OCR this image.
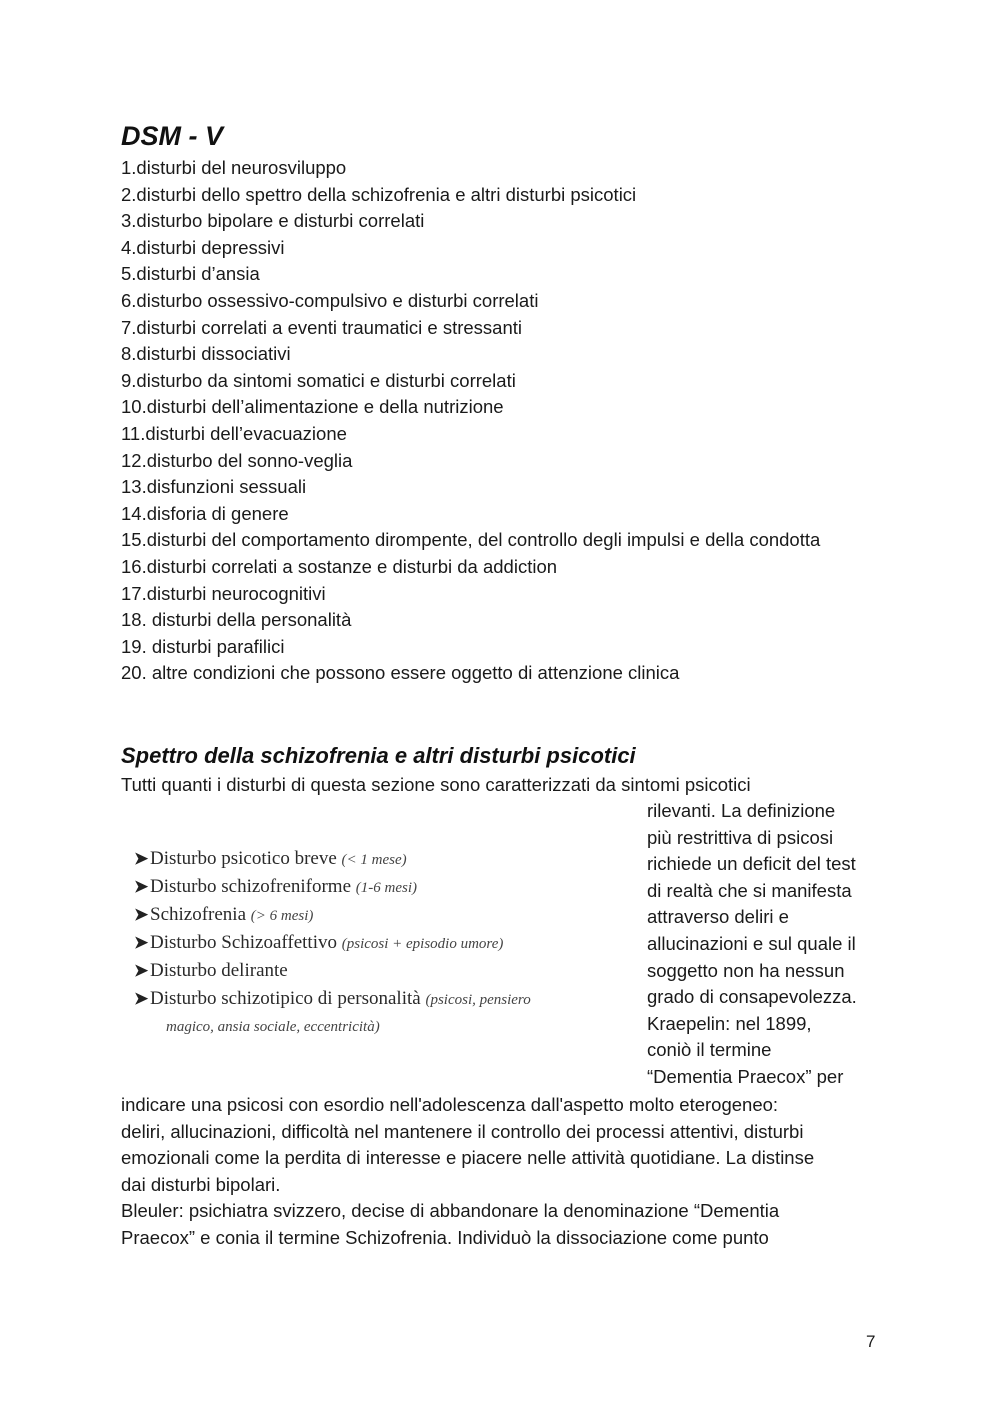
DSM - V
1.disturbi del neurosviluppo
2.disturbi dello spettro della schizofrenia e altri disturbi psicotici
3.disturbo bipolare e disturbi correlati
4.disturbi depressivi
5.disturbi d’ansia
6.disturbo ossessivo-compulsivo e disturbi correlati
7.disturbi correlati a eventi traumatici e stressanti
8.disturbi dissociativi
9.disturbo da sintomi somatici e disturbi correlati
10.disturbi dell’alimentazione e della nutrizione
11.disturbi dell’evacuazione
12.disturbo del sonno-veglia
13.disfunzioni sessuali
14.disforia di genere
15.disturbi del comportamento dirompente, del controllo degli impulsi e della condotta
16.disturbi correlati a sostanze e disturbi da addiction
17.disturbi neurocognitivi
18. disturbi della personalità
19. disturbi parafilici
20. altre condizioni che possono essere oggetto di attenzione clinica
Spettro della schizofrenia e altri disturbi psicotici

Tutti quanti i disturbi di questa sezione sono caratterizzati da sintomi psicotici

rilevanti. La definizione
più restrittiva di psicosi
richiede un deficit del test
di realtà che si manifesta
attraverso deliri e
allucinazioni e sul quale il
soggetto non ha nessun
grado di consapevolezza.
Kraepelin: nel 1899,
coniò il termine
“Dementia Praecox” per
➤Disturbo psicotico breve (< 1 mese)
➤Disturbo schizofreniforme (1-6 mesi)
➤Schizofrenia (> 6 mesi)
➤Disturbo Schizoaffettivo (psicosi + episodio umore)
➤Disturbo delirante
➤Disturbo schizotipico di personalità (psicosi, pensiero
magico, ansia sociale, eccentricità)
indicare una psicosi con esordio nell'adolescenza dall'aspetto molto eterogeneo:
deliri, allucinazioni, difficoltà nel mantenere il controllo dei processi attentivi, disturbi
emozionali come la perdita di interesse e piacere nelle attività quotidiane. La distinse
dai disturbi bipolari.
Bleuler: psichiatra svizzero, decise di abbandonare la denominazione “Dementia
Praecox” e conia il termine Schizofrenia. Individuò la dissociazione come punto
7
